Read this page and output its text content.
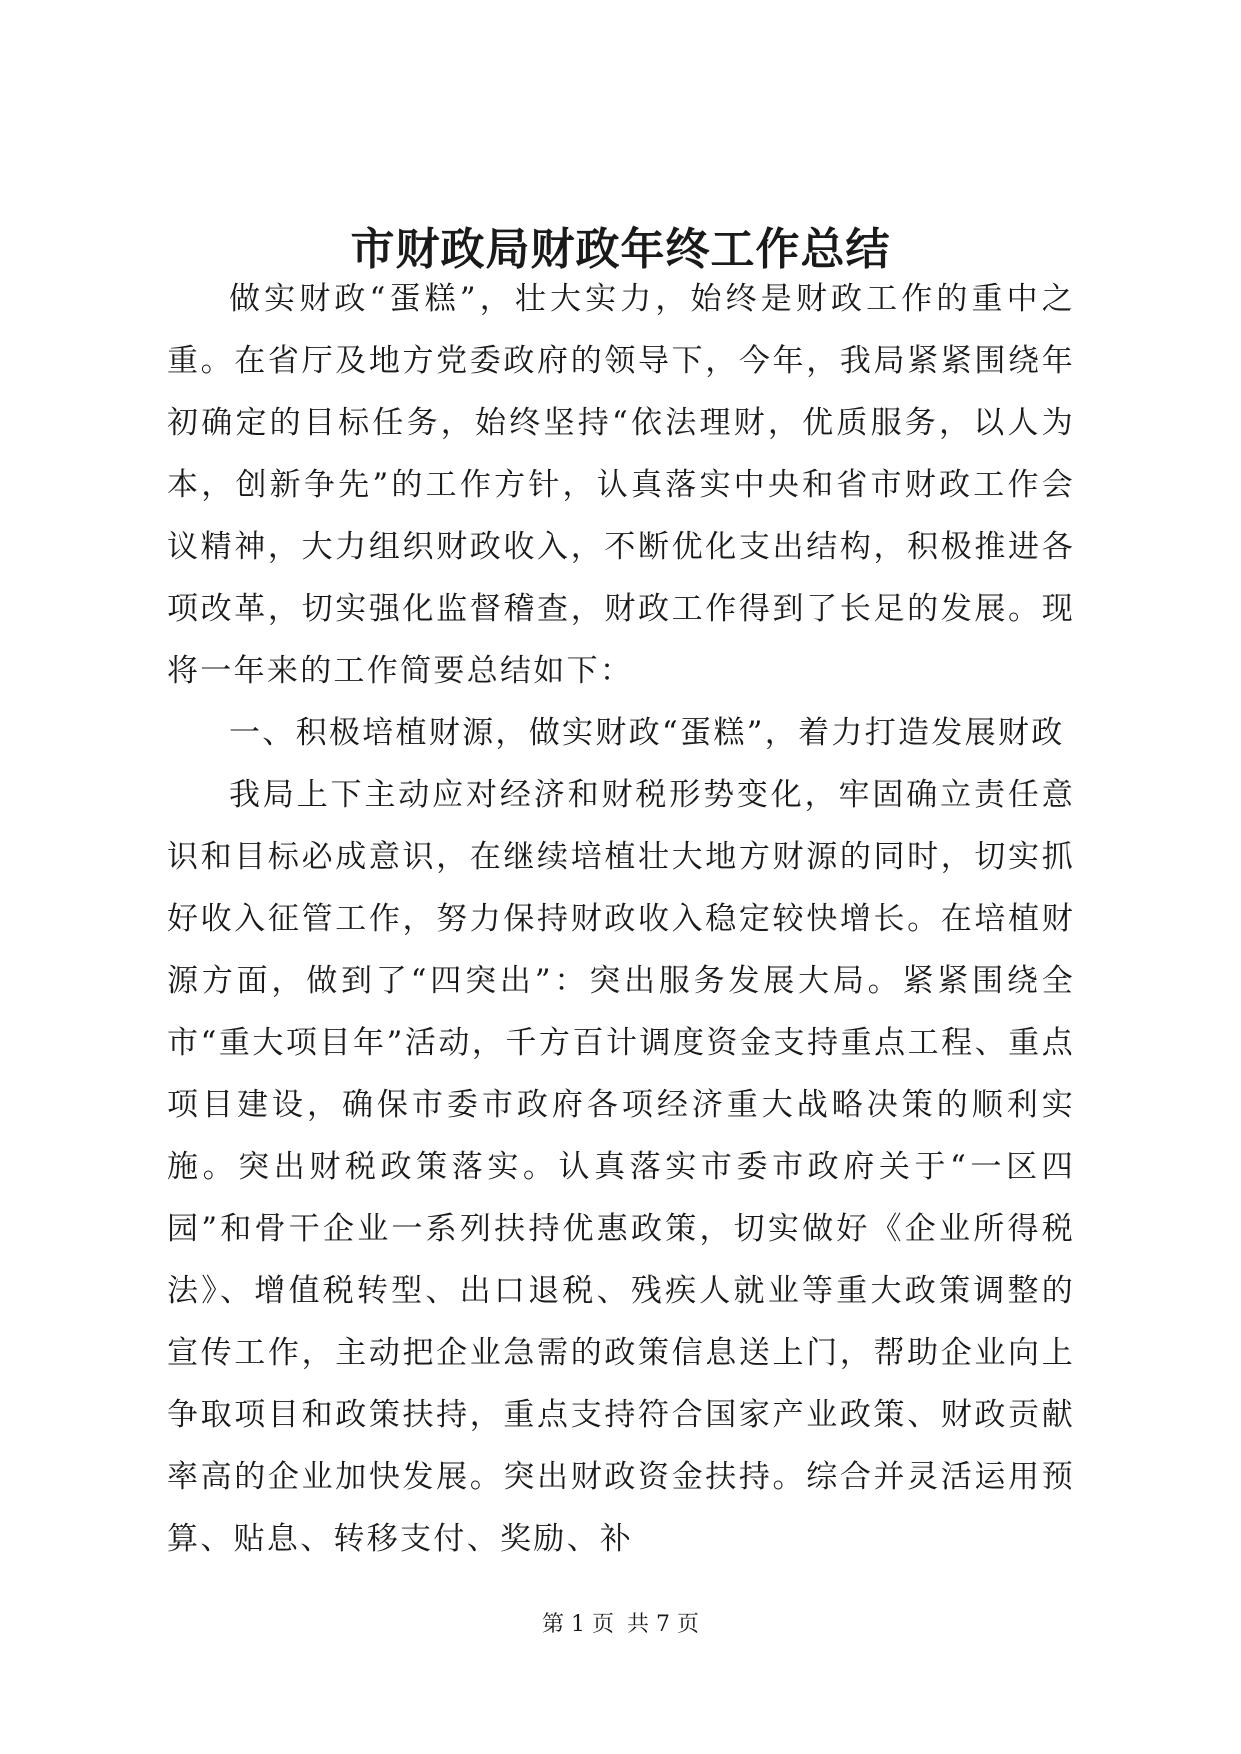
市财政局财政年终工作总结

做实财政“蛋糕”，壮大实力，始终是财政工作的重中之重。在省厅及地方党委政府的领导下，今年，我局紧紧围绕年初确定的目标任务，始终坚持“依法理财，优质服务，以人为本，创新争先”的工作方针，认真落实中央和省市财政工作会议精神，大力组织财政收入，不断优化支出结构，积极推进各项改革，切实强化监督稽查，财政工作得到了长足的发展。现将一年来的工作简要总结如下：

一、积极培植财源，做实财政“蛋糕”，着力打造发展财政

我局上下主动应对经济和财税形势变化，牢固确立责任意识和目标必成意识，在继续培植壮大地方财源的同时，切实抓好收入征管工作，努力保持财政收入稳定较快增长。在培植财源方面，做到了“四突出”：突出服务发展大局。紧紧围绕全市“重大项目年”活动，千方百计调度资金支持重点工程、重点项目建设，确保市委市政府各项经济重大战略决策的顺利实施。突出财税政策落实。认真落实市委市政府关于“一区四园”和骨干企业一系列扶持优惠政策，切实做好《企业所得税法》、增值税转型、出口退税、残疾人就业等重大政策调整的宣传工作，主动把企业急需的政策信息送上门，帮助企业向上争取项目和政策扶持，重点支持符合国家产业政策、财政贡献率高的企业加快发展。突出财政资金扶持。综合并灵活运用预算、贴息、转移支付、奖励、补

第 1 页 共 7 页
